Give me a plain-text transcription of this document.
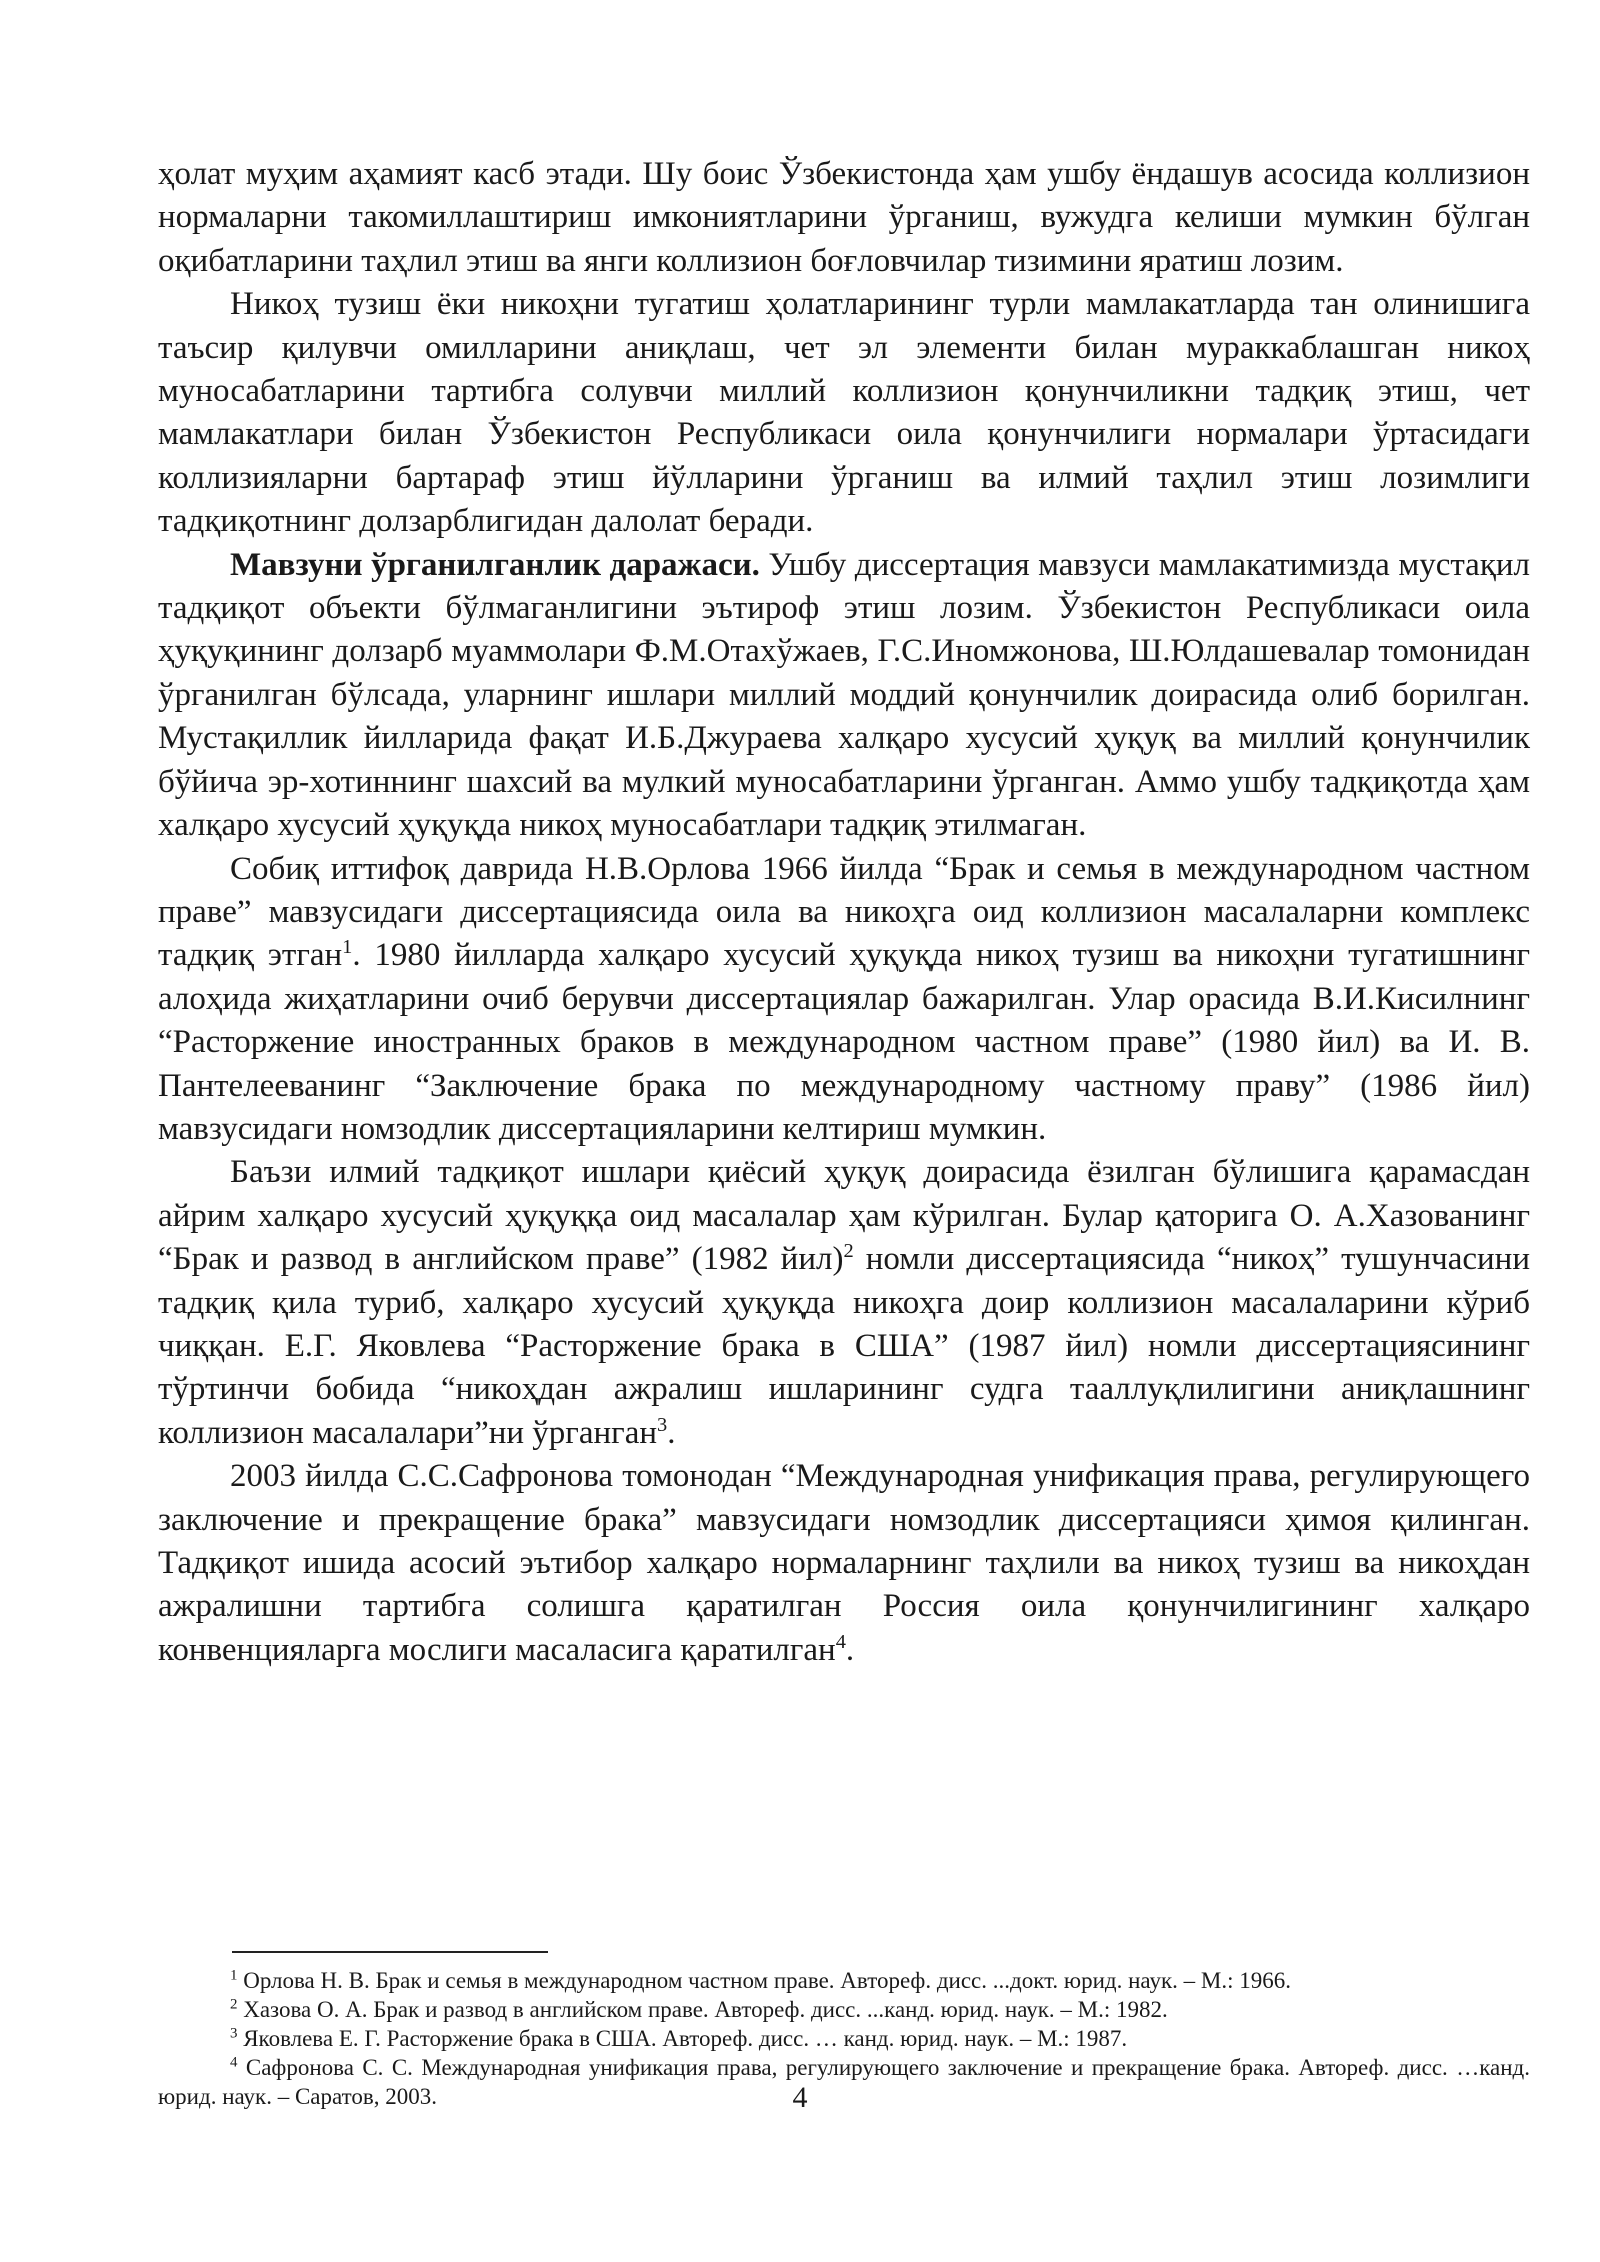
ҳолат муҳим аҳамият касб этади. Шу боис Ўзбекистонда ҳам ушбу ёндашув асосида коллизион нормаларни такомиллаштириш имкониятларини ўрганиш, вужудга келиши мумкин бўлган оқибатларини таҳлил этиш ва янги коллизион боғловчилар тизимини яратиш лозим.

Никоҳ тузиш ёки никоҳни тугатиш ҳолатларининг турли мамлакатларда тан олинишига таъсир қилувчи омилларини аниқлаш, чет эл элементи билан мураккаблашган никоҳ муносабатларини тартибга солувчи миллий коллизион қонунчиликни тадқиқ этиш, чет мамлакатлари билан Ўзбекистон Республикаси оила қонунчилиги нормалари ўртасидаги коллизияларни бартараф этиш йўлларини ўрганиш ва илмий таҳлил этиш лозимлиги тадқиқотнинг долзарблигидан далолат беради.

Мавзуни ўрганилганлик даражаси. Ушбу диссертация мавзуси мамлакатимизда мустақил тадқиқот объекти бўлмаганлигини эътироф этиш лозим. Ўзбекистон Республикаси оила ҳуқуқининг долзарб муаммолари Ф.М.Отахўжаев, Г.С.Иномжонова, Ш.Юлдашевалар томонидан ўрганилган бўлсада, уларнинг ишлари миллий моддий қонунчилик доирасида олиб борилган. Мустақиллик йилларида фақат И.Б.Джураева халқаро хусусий ҳуқуқ ва миллий қонунчилик бўйича эр-хотиннинг шахсий ва мулкий муносабатларини ўрганган. Аммо ушбу тадқиқотда ҳам халқаро хусусий ҳуқуқда никоҳ муносабатлари тадқиқ этилмаган.

Собиқ иттифоқ даврида Н.В.Орлова 1966 йилда “Брак и семья в международном частном праве” мавзусидаги диссертациясида оила ва никоҳга оид коллизион масалаларни комплекс тадқиқ этган$^1$. 1980 йилларда халқаро хусусий ҳуқуқда никоҳ тузиш ва никоҳни тугатишнинг алоҳида жиҳатларини очиб берувчи диссертациялар бажарилган. Улар орасида В.И.Кисилнинг “Расторжение иностранных браков в международном частном праве” (1980 йил) ва И. В. Пантелееванинг “Заключение брака по международному частному праву” (1986 йил) мавзусидаги номзодлик диссертацияларини келтириш мумкин.

Баъзи илмий тадқиқот ишлари қиёсий ҳуқуқ доирасида ёзилган бўлишига қарамасдан айрим халқаро хусусий ҳуқуққа оид масалалар ҳам кўрилган. Булар қаторига О. А.Хазованинг “Брак и развод в английском праве” (1982 йил)$^2$ номли диссертациясида “никоҳ” тушунчасини тадқиқ қила туриб, халқаро хусусий ҳуқуқда никоҳга доир коллизион масалаларини кўриб чиққан. Е.Г. Яковлева “Расторжение брака в США” (1987 йил) номли диссертациясининг тўртинчи бобида “никоҳдан ажралиш ишларининг судга тааллуқлилигини аниқлашнинг коллизион масалалари”ни ўрганган$^3$.

2003 йилда С.С.Сафронова томонодан “Международная унификация права, регулирующего заключение и прекращение брака” мавзусидаги номзодлик диссертацияси ҳимоя қилинган. Тадқиқот ишида асосий эътибор халқаро нормаларнинг таҳлили ва никоҳ тузиш ва никоҳдан ажралишни тартибга солишга қаратилган Россия оила қонунчилигининг халқаро конвенцияларга мослиги масаласига қаратилган$^4$.

$^1$ Орлова Н. В. Брак и семья в международном частном праве. Автореф. дисс. ...докт. юрид. наук. – М.: 1966.

$^2$ Хазова О. А. Брак и развод в английском праве. Автореф. дисс. ...канд. юрид. наук. – М.: 1982.

$^3$ Яковлева Е. Г. Расторжение брака в США. Автореф. дисс. … канд. юрид. наук. – М.: 1987.

$^4$ Сафронова С. С. Международная унификация права, регулирующего заключение и прекращение брака. Автореф. дисс. …канд. юрид. наук. – Саратов, 2003.	4
